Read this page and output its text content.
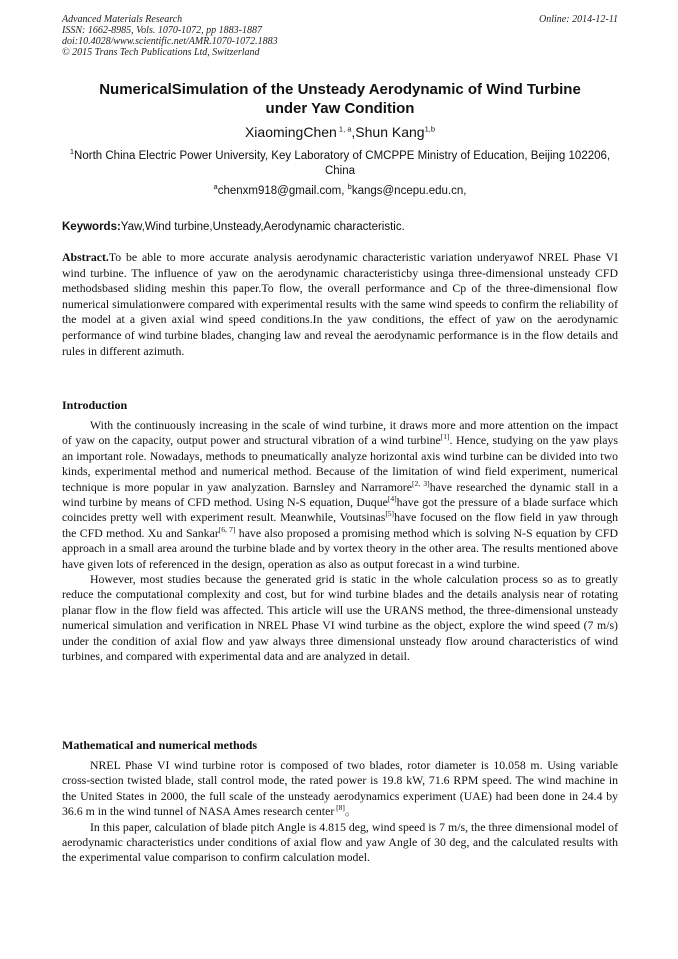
Advanced Materials Research
ISSN: 1662-8985, Vols. 1070-1072, pp 1883-1887
doi:10.4028/www.scientific.net/AMR.1070-1072.1883
© 2015 Trans Tech Publications Ltd, Switzerland
Online: 2014-12-11
NumericalSimulation of the Unsteady Aerodynamic of Wind Turbine
under Yaw Condition
XiaomingChen $^{1, a}$,Shun Kang$^{1,b}$
$^1$North China Electric Power University, Key Laboratory of CMCPPE Ministry of Education, Beijing 102206, China
$^a$chenxm918@gmail.com, $^b$kangs@ncepu.edu.cn,
Keywords:Yaw,Wind turbine,Unsteady,Aerodynamic characteristic.
Abstract.To be able to more accurate analysis aerodynamic characteristic variation underyawof NREL Phase VI wind turbine. The influence of yaw on the aerodynamic characteristicby usinga three-dimensional unsteady CFD methodsbased sliding meshin this paper.To flow, the overall performance and Cp of the three-dimensional flow numerical simulationwere compared with experimental results with the same wind speeds to confirm the reliability of the model at a given axial wind speed conditions.In the yaw conditions, the effect of yaw on the aerodynamic performance of wind turbine blades, changing law and reveal the aerodynamic performance is in the flow details and rules in different azimuth.
Introduction

With the continuously increasing in the scale of wind turbine, it draws more and more attention on the impact of yaw on the capacity, output power and structural vibration of a wind turbine[1]. Hence, studying on the yaw plays an important role. Nowadays, methods to pneumatically analyze horizontal axis wind turbine can be divided into two kinds, experimental method and numerical method. Because of the limitation of wind field experiment, numerical technique is more popular in yaw analyzation. Barnsley and Narramore[2, 3]have researched the dynamic stall in a wind turbine by means of CFD method. Using N-S equation, Duque[4]have got the pressure of a blade surface which coincides pretty well with experiment result. Meanwhile, Voutsinas[5]have focused on the flow field in yaw through the CFD method. Xu and Sankar[6, 7] have also proposed a promising method which is solving N-S equation by CFD approach in a small area around the turbine blade and by vortex theory in the other area. The results mentioned above have given lots of referenced in the design, operation as also as output forecast in a wind turbine.

However, most studies because the generated grid is static in the whole calculation process so as to greatly reduce the computational complexity and cost, but for wind turbine blades and the details analysis near of rotating planar flow in the flow field was affected. This article will use the URANS method, the three-dimensional unsteady numerical simulation and verification in NREL Phase VI wind turbine as the object, explore the wind speed (7 m/s) under the condition of axial flow and yaw always three dimensional unsteady flow around characteristics of wind turbines, and compared with experimental data and are analyzed in detail.

Mathematical and numerical methods

NREL Phase VI wind turbine rotor is composed of two blades, rotor diameter is 10.058 m. Using variable cross-section twisted blade, stall control mode, the rated power is 19.8 kW, 71.6 RPM speed. The wind machine in the United States in 2000, the full scale of the unsteady aerodynamics experiment (UAE) had been done in 24.4 by 36.6 m in the wind tunnel of NASA Ames research center [8]。

In this paper, calculation of blade pitch Angle is 4.815 deg, wind speed is 7 m/s, the three dimensional model of aerodynamic characteristics under conditions of axial flow and yaw Angle of 30 deg, and the calculated results with the experimental value comparison to confirm calculation model.
